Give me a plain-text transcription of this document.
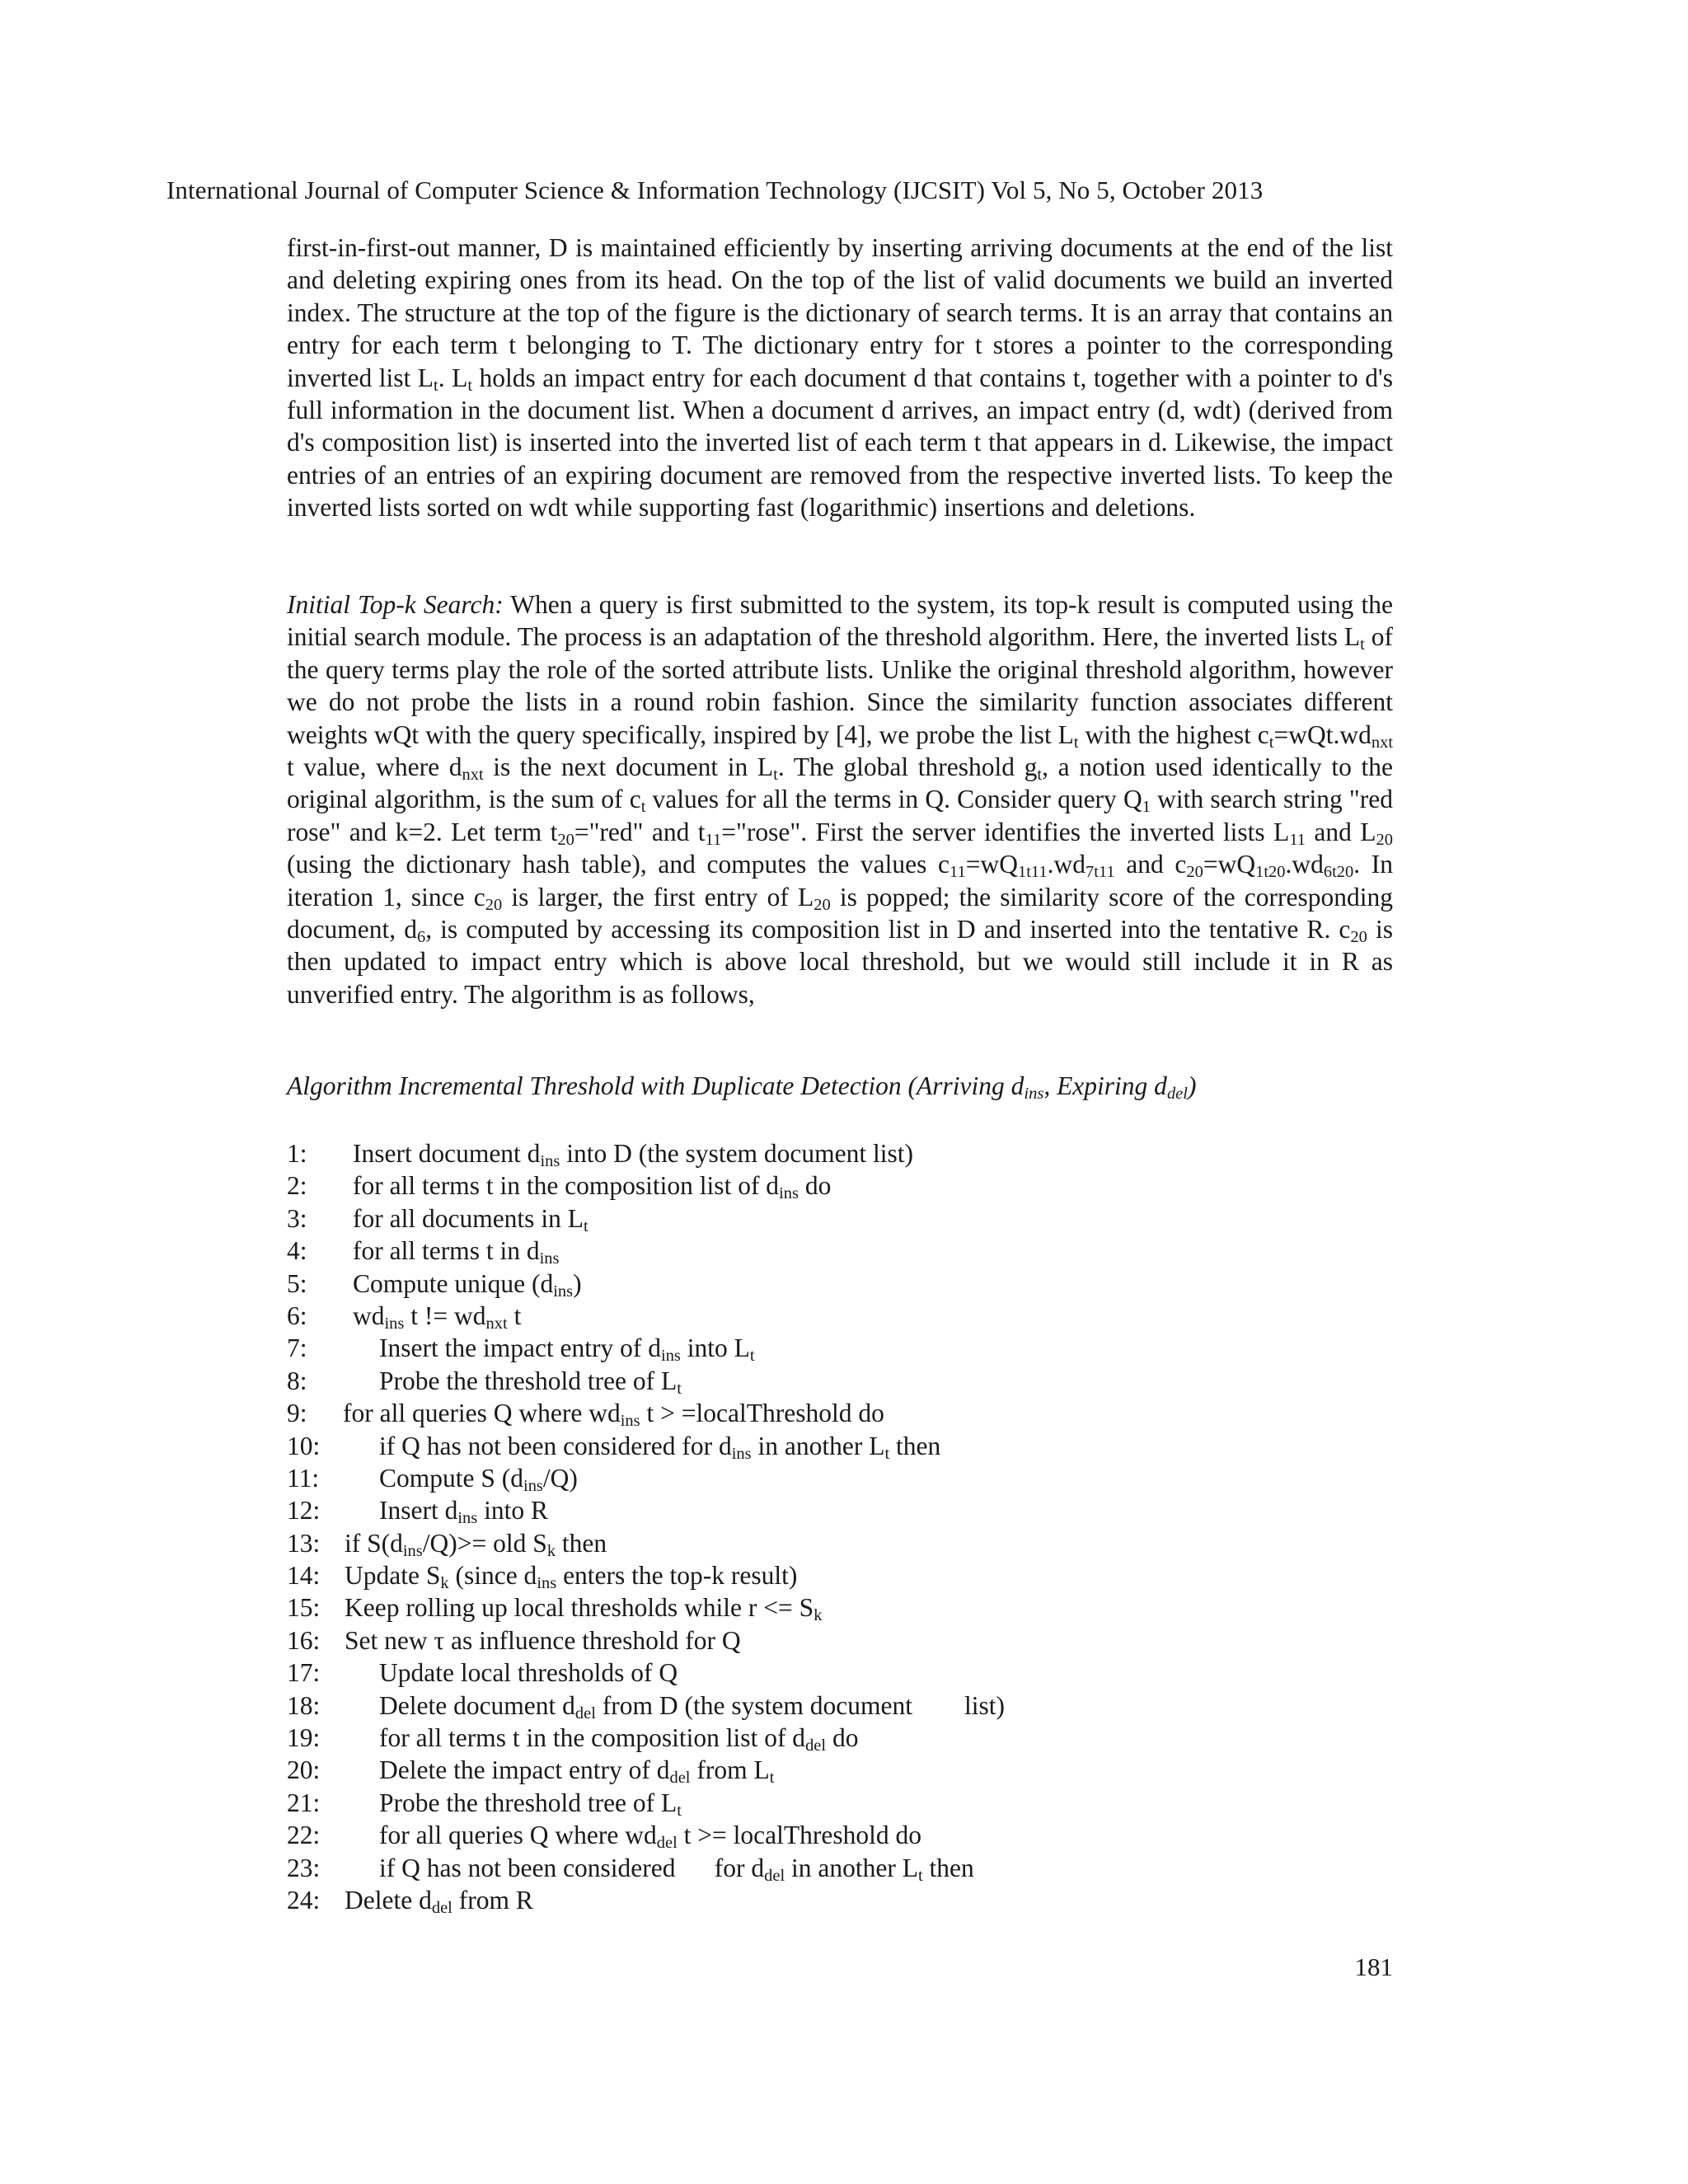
International Journal of Computer Science & Information Technology (IJCSIT) Vol 5, No 5, October 2013
first-in-first-out manner, D is maintained efficiently by inserting arriving documents at the end of the list and deleting expiring ones from its head. On the top of the list of valid documents we build an inverted index. The structure at the top of the figure is the dictionary of search terms. It is an array that contains an entry for each term t belonging to T. The dictionary entry for t stores a pointer to the corresponding inverted list $L_t$. $L_t$ holds an impact entry for each document d that contains t, together with a pointer to d's full information in the document list. When a document d arrives, an impact entry (d, wdt) (derived from d's composition list) is inserted into the inverted list of each term t that appears in d. Likewise, the impact entries of an entries of an expiring document are removed from the respective inverted lists. To keep the inverted lists sorted on wdt while supporting fast (logarithmic) insertions and deletions.
Initial Top-k Search: When a query is first submitted to the system, its top-k result is computed using the initial search module. The process is an adaptation of the threshold algorithm. Here, the inverted lists $L_t$ of the query terms play the role of the sorted attribute lists. Unlike the original threshold algorithm, however we do not probe the lists in a round robin fashion. Since the similarity function associates different weights wQt with the query specifically, inspired by [4], we probe the list $L_t$ with the highest $c_t=wQt.wd_{nxt}$ t value, where $d_{nxt}$ is the next document in $L_t$. The global threshold $g_t$, a notion used identically to the original algorithm, is the sum of $c_t$ values for all the terms in Q. Consider query $Q_1$ with search string "red rose" and k=2. Let term $t_{20}="red$" and $t_{11}="rose$". First the server identifies the inverted lists $L_{11}$ and $L_{20}$ (using the dictionary hash table), and computes the values $c_{11}=wQ_{1t11}.wd_{7t11}$ and $c_{20}=wQ_{1t20}.wd_{6t20}$. In iteration 1, since $c_{20}$ is larger, the first entry of $L_{20}$ is popped; the similarity score of the corresponding document, $d_6$, is computed by accessing its composition list in D and inserted into the tentative R. $c_{20}$ is then updated to impact entry which is above local threshold, but we would still include it in R as unverified entry. The algorithm is as follows,
Algorithm Incremental Threshold with Duplicate Detection (Arriving $d_{ins}$, Expiring $d_{del}$)
1: Insert document $d_{ins}$ into D (the system document list)
2: for all terms t in the composition list of $d_{ins}$ do
3: for all documents in $L_t$
4: for all terms t in $d_{ins}$
5: Compute unique $(d_{ins})$
6: $wd_{ins}$ t != $wd_{nxt}$ t
7:	Insert the impact entry of $d_{ins}$ into $L_t$
8:	Probe the threshold tree of $L_t$
9: for all queries Q where $wd_{ins}$ t > =localThreshold do
10: if Q has not been considered for $d_{ins}$ in another $L_t$ then
11: Compute S $(d_{ins}/Q)$
12: Insert $d_{ins}$ into R
13: if $S(d_{ins}/Q)>=$ old $S_k$ then
14: Update $S_k$ (since $d_{ins}$ enters the top-k result)
15: Keep rolling up local thresholds while $r <= S_k$
16: Set new τ as influence threshold for Q
17: Update local thresholds of Q
18: Delete document $d_{del}$ from D (the system document        list)
19: for all terms t in the composition list of $d_{del}$ do
20: Delete the impact entry of $d_{del}$ from $L_t$
21: Probe the threshold tree of $L_t$
22: for all queries Q where $wd_{del}$ t >= localThreshold do
23: if Q has not been considered      for $d_{del}$ in another $L_t$ then
24: Delete $d_{del}$ from R
181
